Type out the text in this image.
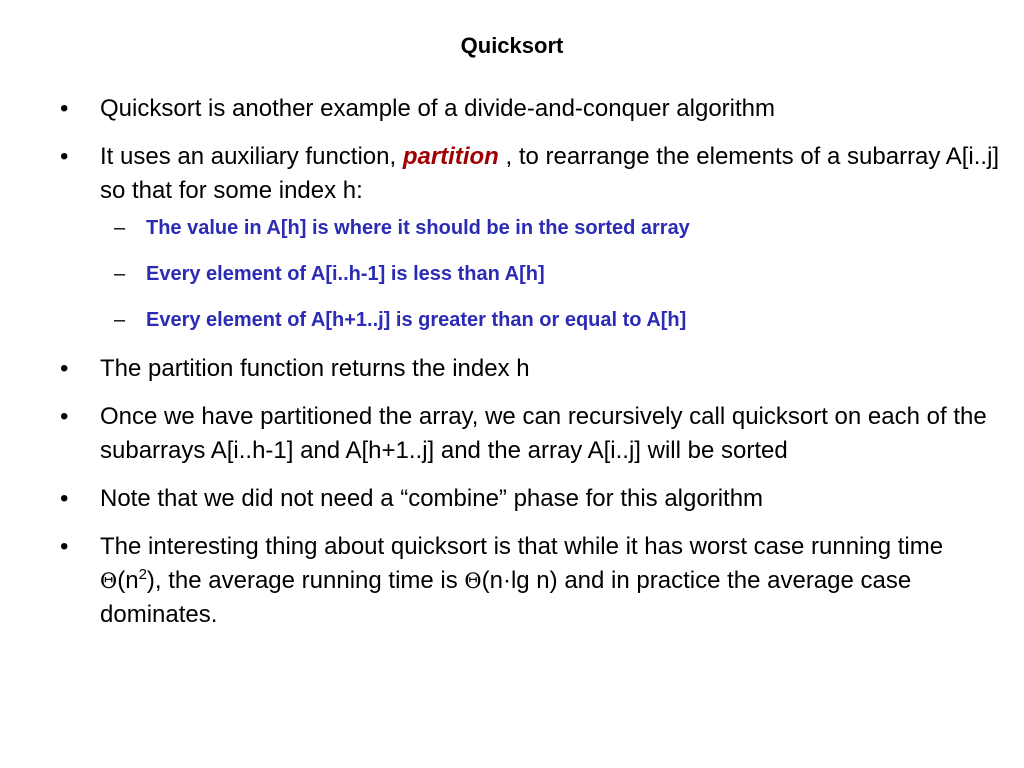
Quicksort
•	Quicksort is another example of a divide-and-conquer algorithm
•	It uses an auxiliary function, partition , to rearrange the elements of a subarray A[i..j] so that for some index h:
– The value in A[h] is where it should be in the sorted array
– Every element of A[i..h-1] is less than A[h]
– Every element of A[h+1..j] is greater than or equal to A[h]
•	The partition function returns the index h
•	Once we have partitioned the array, we can recursively call quicksort on each of the subarrays A[i..h-1] and A[h+1..j] and the array A[i..j] will be sorted
•	Note that we did not need a “combine” phase for this algorithm
•	The interesting thing about quicksort is that while it has worst case running time $\Theta(n^2)$, the average running time is Θ(n·lg n) and in practice the average case dominates.
